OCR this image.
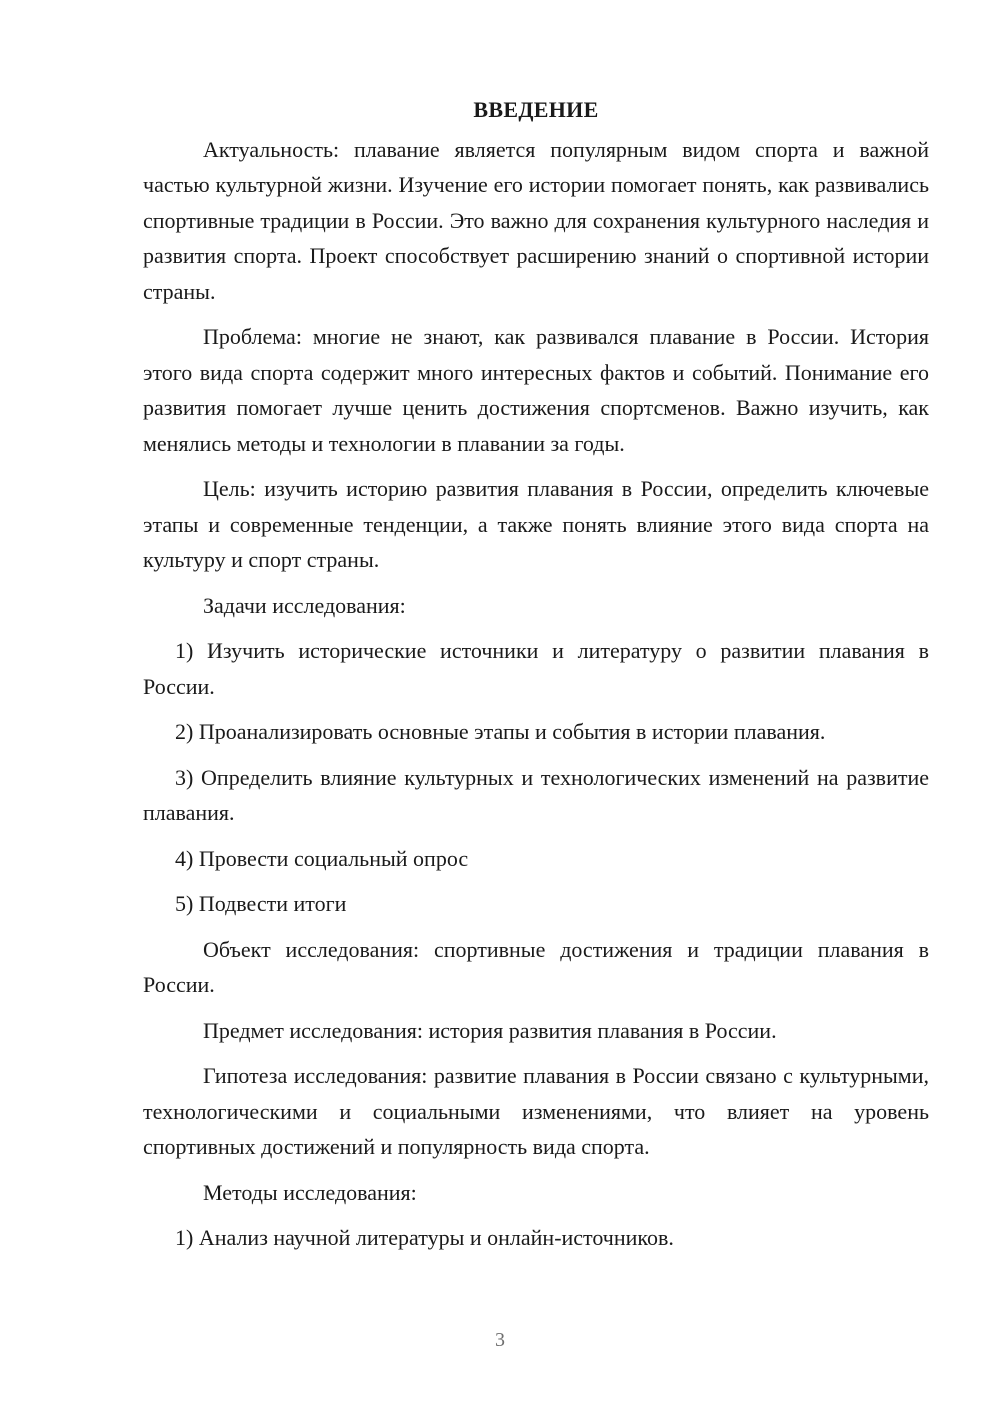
ВВЕДЕНИЕ

Актуальность: плавание является популярным видом спорта и важной частью культурной жизни. Изучение его истории помогает понять, как развивались спортивные традиции в России. Это важно для сохранения культурного наследия и развития спорта. Проект способствует расширению знаний о спортивной истории страны.

Проблема: многие не знают, как развивался плавание в России. История этого вида спорта содержит много интересных фактов и событий. Понимание его развития помогает лучше ценить достижения спортсменов. Важно изучить, как менялись методы и технологии в плавании за годы.

Цель: изучить историю развития плавания в России, определить ключевые этапы и современные тенденции, а также понять влияние этого вида спорта на культуру и спорт страны.

Задачи исследования:

1) Изучить исторические источники и литературу о развитии плавания в России.

2) Проанализировать основные этапы и события в истории плавания.

3) Определить влияние культурных и технологических изменений на развитие плавания.

4) Провести социальный опрос

5) Подвести итоги

Объект исследования: спортивные достижения и традиции плавания в России.

Предмет исследования: история развития плавания в России.

Гипотеза исследования: развитие плавания в России связано с культурными, технологическими и социальными изменениями, что влияет на уровень спортивных достижений и популярность вида спорта.

Методы исследования:

1) Анализ научной литературы и онлайн-источников.

3
